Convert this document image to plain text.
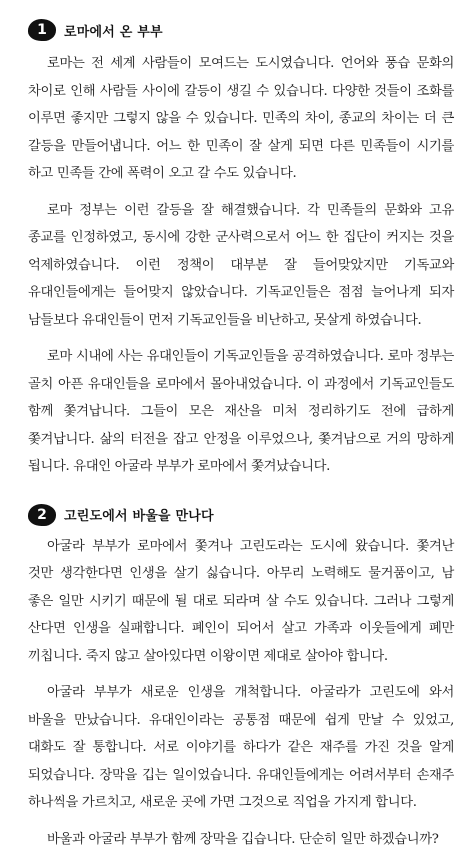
1	로마에서 온 부부

로마는 전 세계 사람들이 모여드는 도시였습니다. 언어와 풍습 문화의 차이로 인해 사람들 사이에 갈등이 생길 수 있습니다. 다양한 것들이 조화를 이루면 좋지만 그렇지 않을 수 있습니다. 민족의 차이, 종교의 차이는 더 큰 갈등을 만들어냅니다. 어느 한 민족이 잘 살게 되면 다른 민족들이 시기를 하고 민족들 간에 폭력이 오고 갈 수도 있습니다.

로마 정부는 이런 갈등을 잘 해결했습니다. 각 민족들의 문화와 고유 종교를 인정하였고, 동시에 강한 군사력으로서 어느 한 집단이 커지는 것을 억제하였습니다. 이런 정책이 대부분 잘 들어맞았지만 기독교와 유대인들에게는 들어맞지 않았습니다. 기독교인들은 점점 늘어나게 되자 남들보다 유대인들이 먼저 기독교인들을 비난하고, 못살게 하였습니다.

로마 시내에 사는 유대인들이 기독교인들을 공격하였습니다. 로마 정부는 골치 아픈 유대인들을 로마에서 몰아내었습니다. 이 과정에서 기독교인들도 함께 쫓겨납니다. 그들이 모은 재산을 미처 정리하기도 전에 급하게 쫓겨납니다. 삶의 터전을 잡고 안정을 이루었으나, 쫓겨남으로 거의 망하게 됩니다. 유대인 아굴라 부부가 로마에서 쫓겨났습니다.

2	고린도에서 바울을 만나다

아굴라 부부가 로마에서 쫓겨나 고린도라는 도시에 왔습니다. 쫓겨난 것만 생각한다면 인생을 살기 싫습니다. 아무리 노력해도 물거품이고, 남 좋은 일만 시키기 때문에 될 대로 되라며 살 수도 있습니다. 그러나 그렇게 산다면 인생을 실패합니다. 폐인이 되어서 살고 가족과 이웃들에게 폐만 끼칩니다. 죽지 않고 살아있다면 이왕이면 제대로 살아야 합니다.

아굴라 부부가 새로운 인생을 개척합니다. 아굴라가 고린도에 와서 바울을 만났습니다. 유대인이라는 공통점 때문에 쉽게 만날 수 있었고, 대화도 잘 통합니다. 서로 이야기를 하다가 같은 재주를 가진 것을 알게 되었습니다. 장막을 깁는 일이었습니다. 유대인들에게는 어려서부터 손재주 하나씩을 가르치고, 새로운 곳에 가면 그것으로 직업을 가지게 합니다.

바울과 아굴라 부부가 함께 장막을 깁습니다. 단순히 일만 하겠습니까?
